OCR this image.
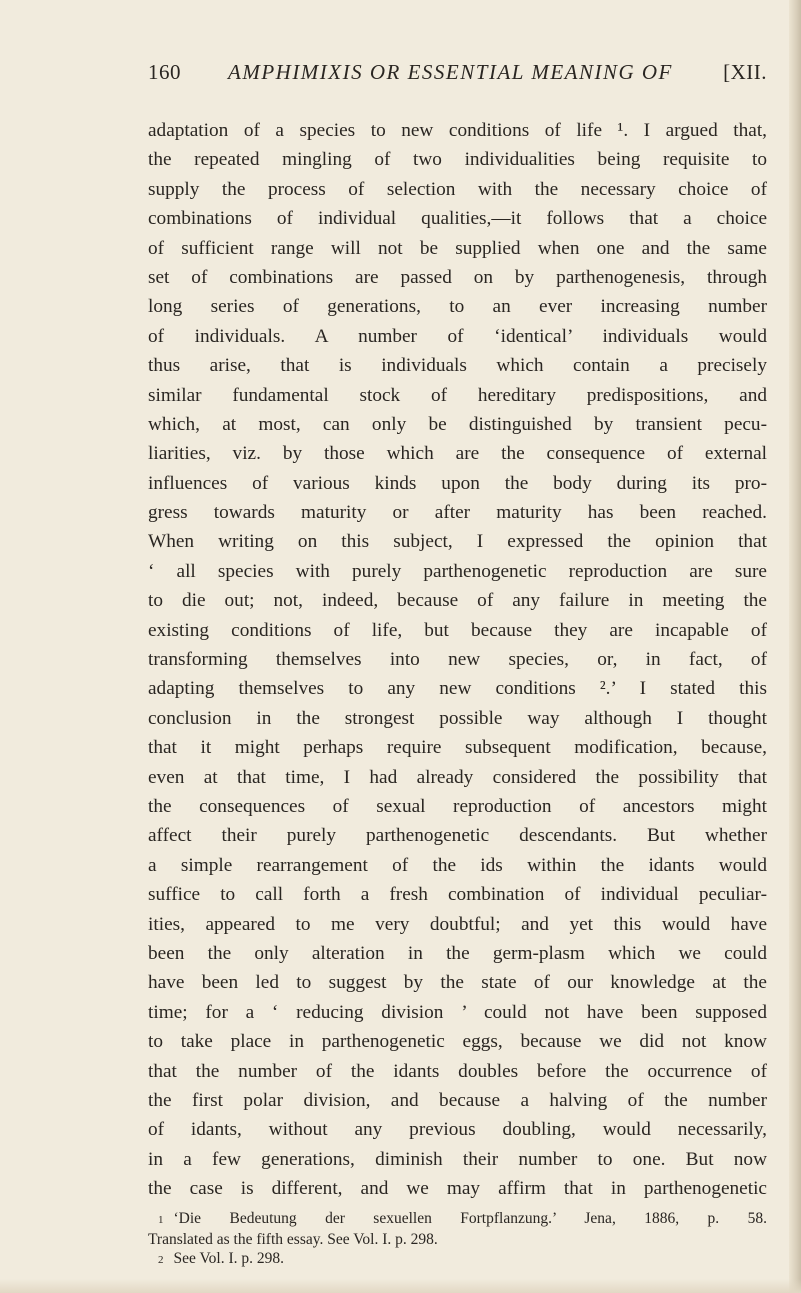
160 AMPHIMIXIS OR ESSENTIAL MEANING OF [XII.
adaptation of a species to new conditions of life ¹. I argued that,
the repeated mingling of two individualities being requisite to
supply the process of selection with the necessary choice of
combinations of individual qualities,—it follows that a choice
of sufficient range will not be supplied when one and the same
set of combinations are passed on by parthenogenesis, through
long series of generations, to an ever increasing number
of individuals. A number of ‘identical’ individuals would
thus arise, that is individuals which contain a precisely
similar fundamental stock of hereditary predispositions, and
which, at most, can only be distinguished by transient pecu-
liarities, viz. by those which are the consequence of external
influences of various kinds upon the body during its pro-
gress towards maturity or after maturity has been reached.
When writing on this subject, I expressed the opinion that
‘ all species with purely parthenogenetic reproduction are sure
to die out; not, indeed, because of any failure in meeting the
existing conditions of life, but because they are incapable of
transforming themselves into new species, or, in fact, of
adapting themselves to any new conditions ².’ I stated this
conclusion in the strongest possible way although I thought
that it might perhaps require subsequent modification, because,
even at that time, I had already considered the possibility that
the consequences of sexual reproduction of ancestors might
affect their purely parthenogenetic descendants. But whether
a simple rearrangement of the ids within the idants would
suffice to call forth a fresh combination of individual peculiar-
ities, appeared to me very doubtful; and yet this would have
been the only alteration in the germ-plasm which we could
have been led to suggest by the state of our knowledge at the
time; for a ‘ reducing division ’ could not have been supposed
to take place in parthenogenetic eggs, because we did not know
that the number of the idants doubles before the occurrence of
the first polar division, and because a halving of the number
of idants, without any previous doubling, would necessarily,
in a few generations, diminish their number to one. But now
the case is different, and we may affirm that in parthenogenetic
1 ‘Die Bedeutung der sexuellen Fortpflanzung.’ Jena, 1886, p. 58.
Translated as the fifth essay. See Vol. I. p. 298.
2 See Vol. I. p. 298.
